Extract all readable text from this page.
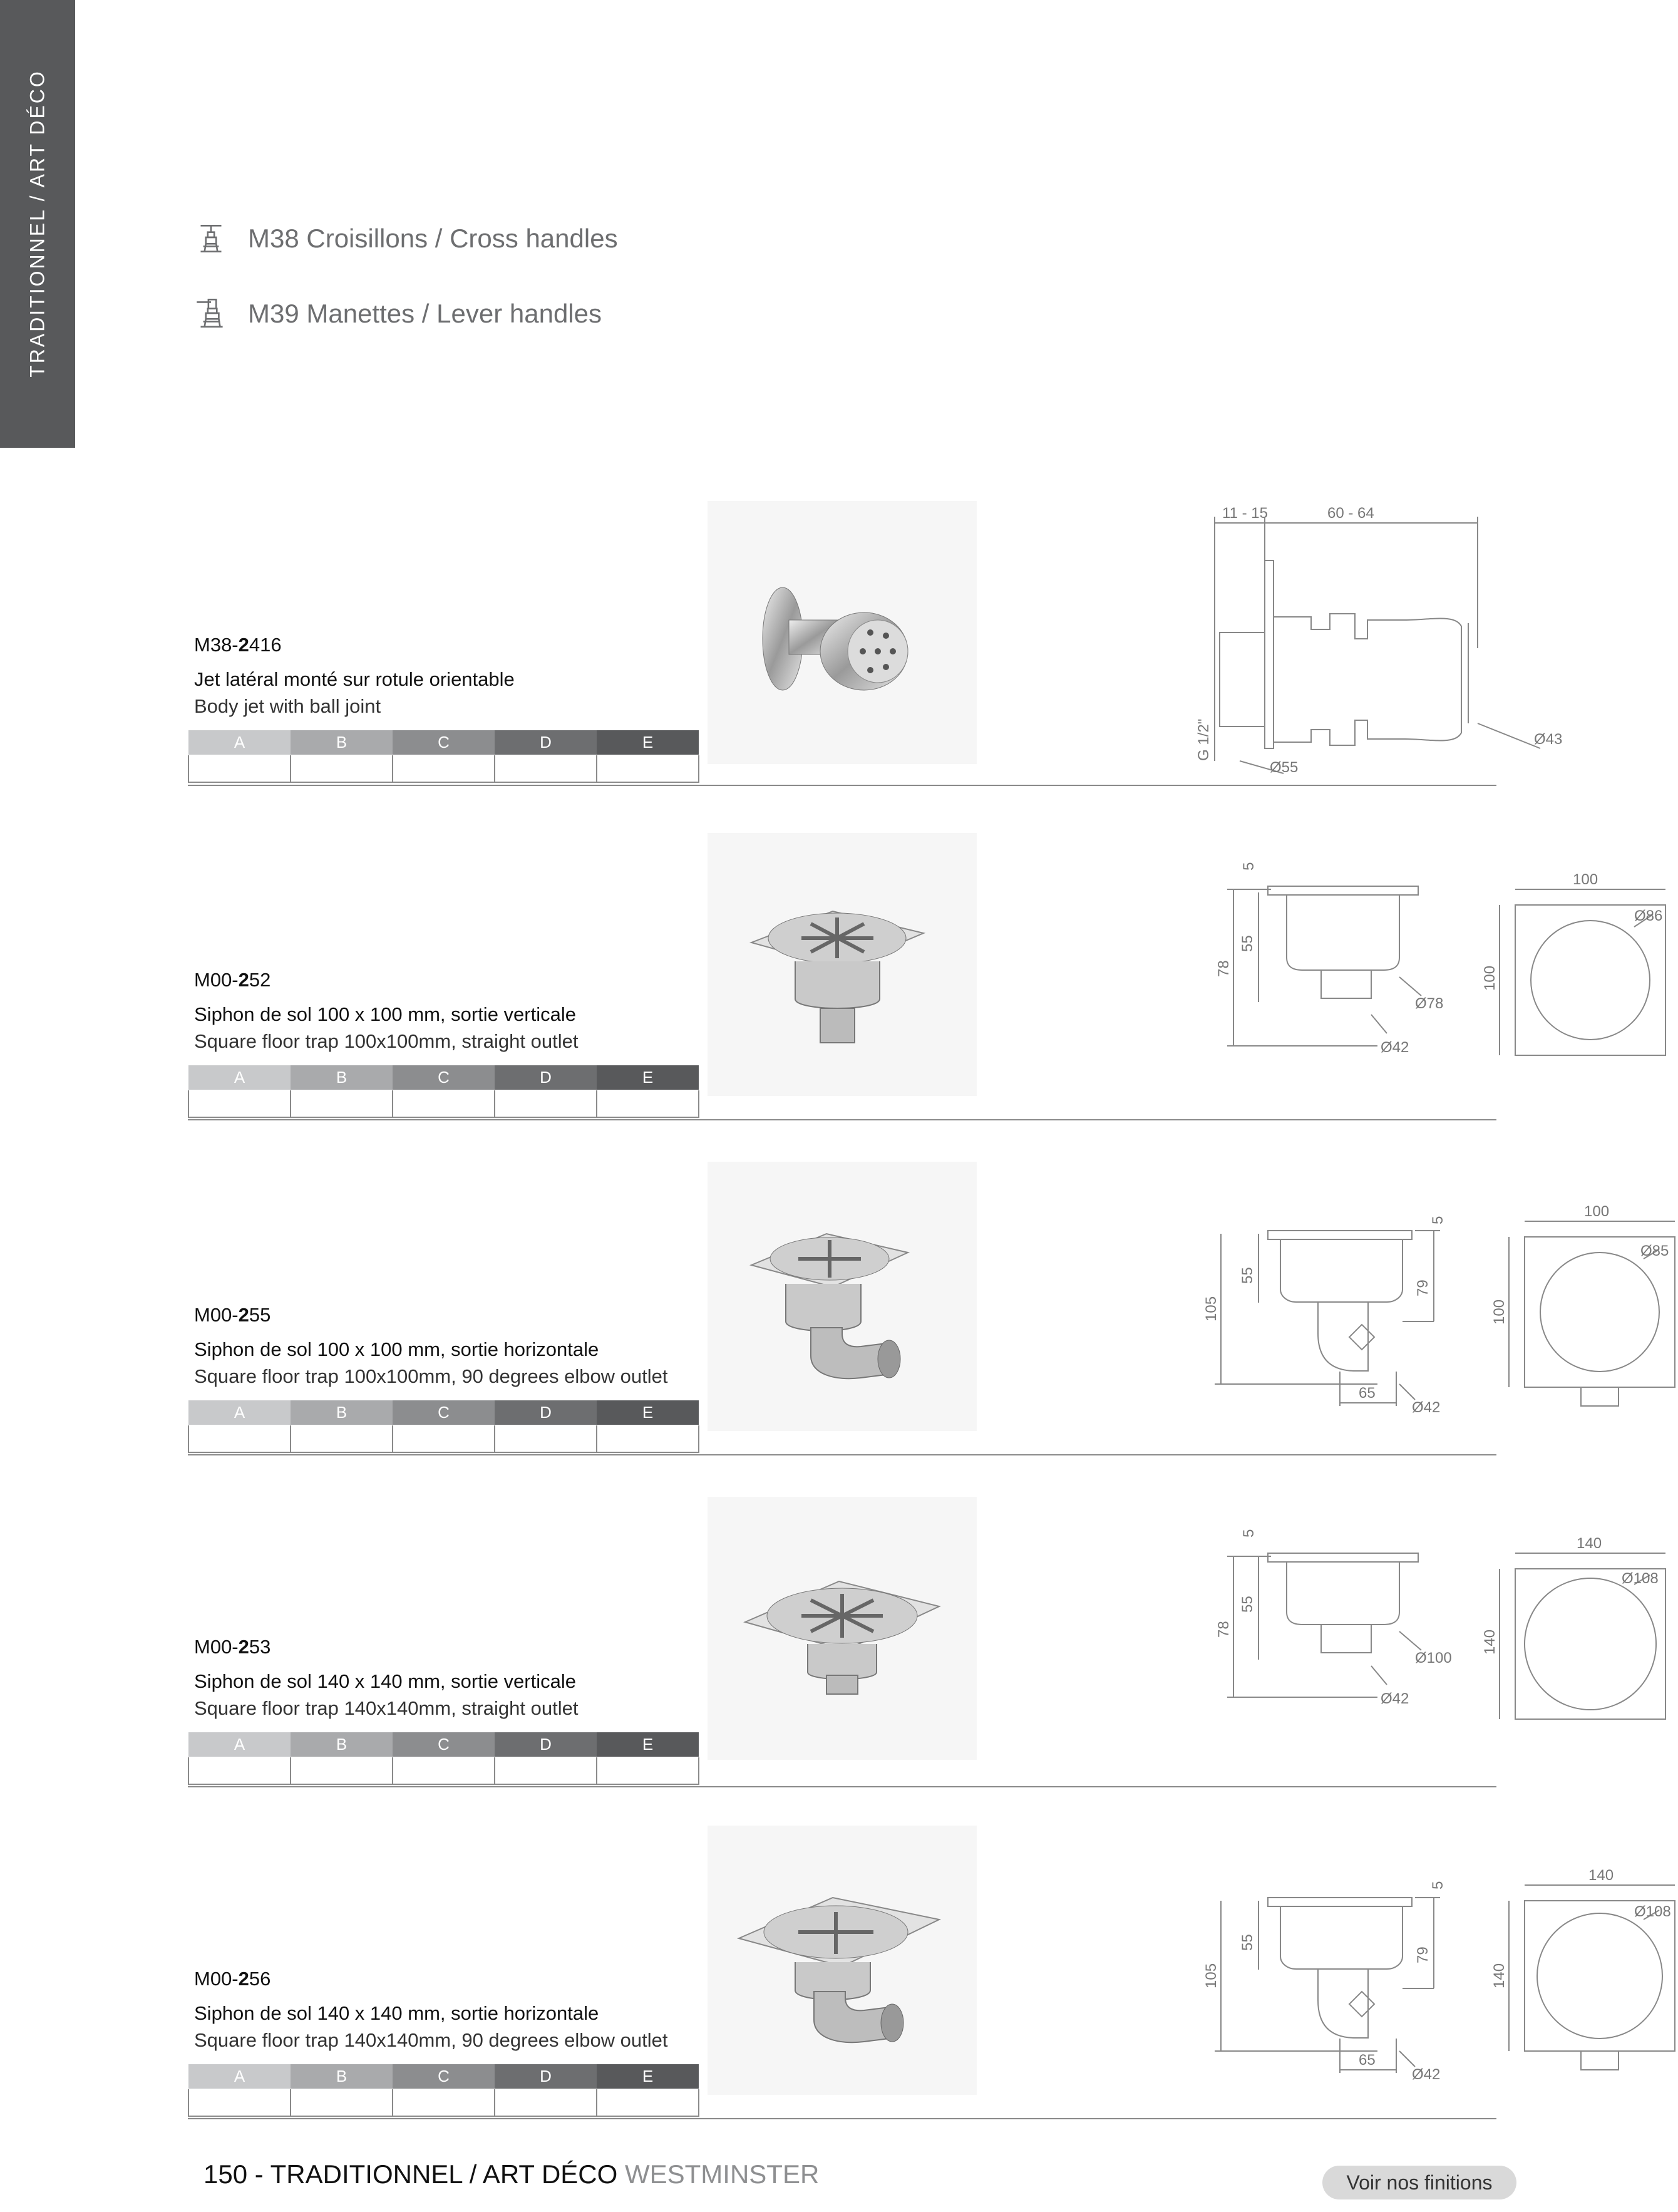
TRADITIONNEL / ART DÉCO	M38 Croisillons / Cross handles
M39 Manettes / Lever handles
M38-2416
Jet latéral monté sur rotule orientable
Body jet with ball joint
A	B	C	D	E

11 - 15	60 - 64
G 1/2"
Ø55
Ø43
M00-252
Siphon de sol 100 x 100 mm, sortie verticale
Square floor trap 100x100mm, straight outlet
A	B	C	D	E

5
55
78
Ø78
Ø42
100
100
Ø86
M00-255
Siphon de sol 100 x 100 mm, sortie horizontale
Square floor trap 100x100mm, 90 degrees elbow outlet
A	B	C	D	E

5
55
105
79
65
Ø42
100
100
Ø85
M00-253
Siphon de sol 140 x 140 mm, sortie verticale
Square floor trap 140x140mm, straight outlet
A	B	C	D	E

5
55
78
Ø100
Ø42
140
140
Ø108
M00-256
Siphon de sol 140 x 140 mm, sortie horizontale
Square floor trap 140x140mm, 90 degrees elbow outlet
A	B	C	D	E

5
55
105
79
65
Ø42
140
140
Ø108
150 - TRADITIONNEL / ART DÉCO WESTMINSTER	Voir nos finitions
